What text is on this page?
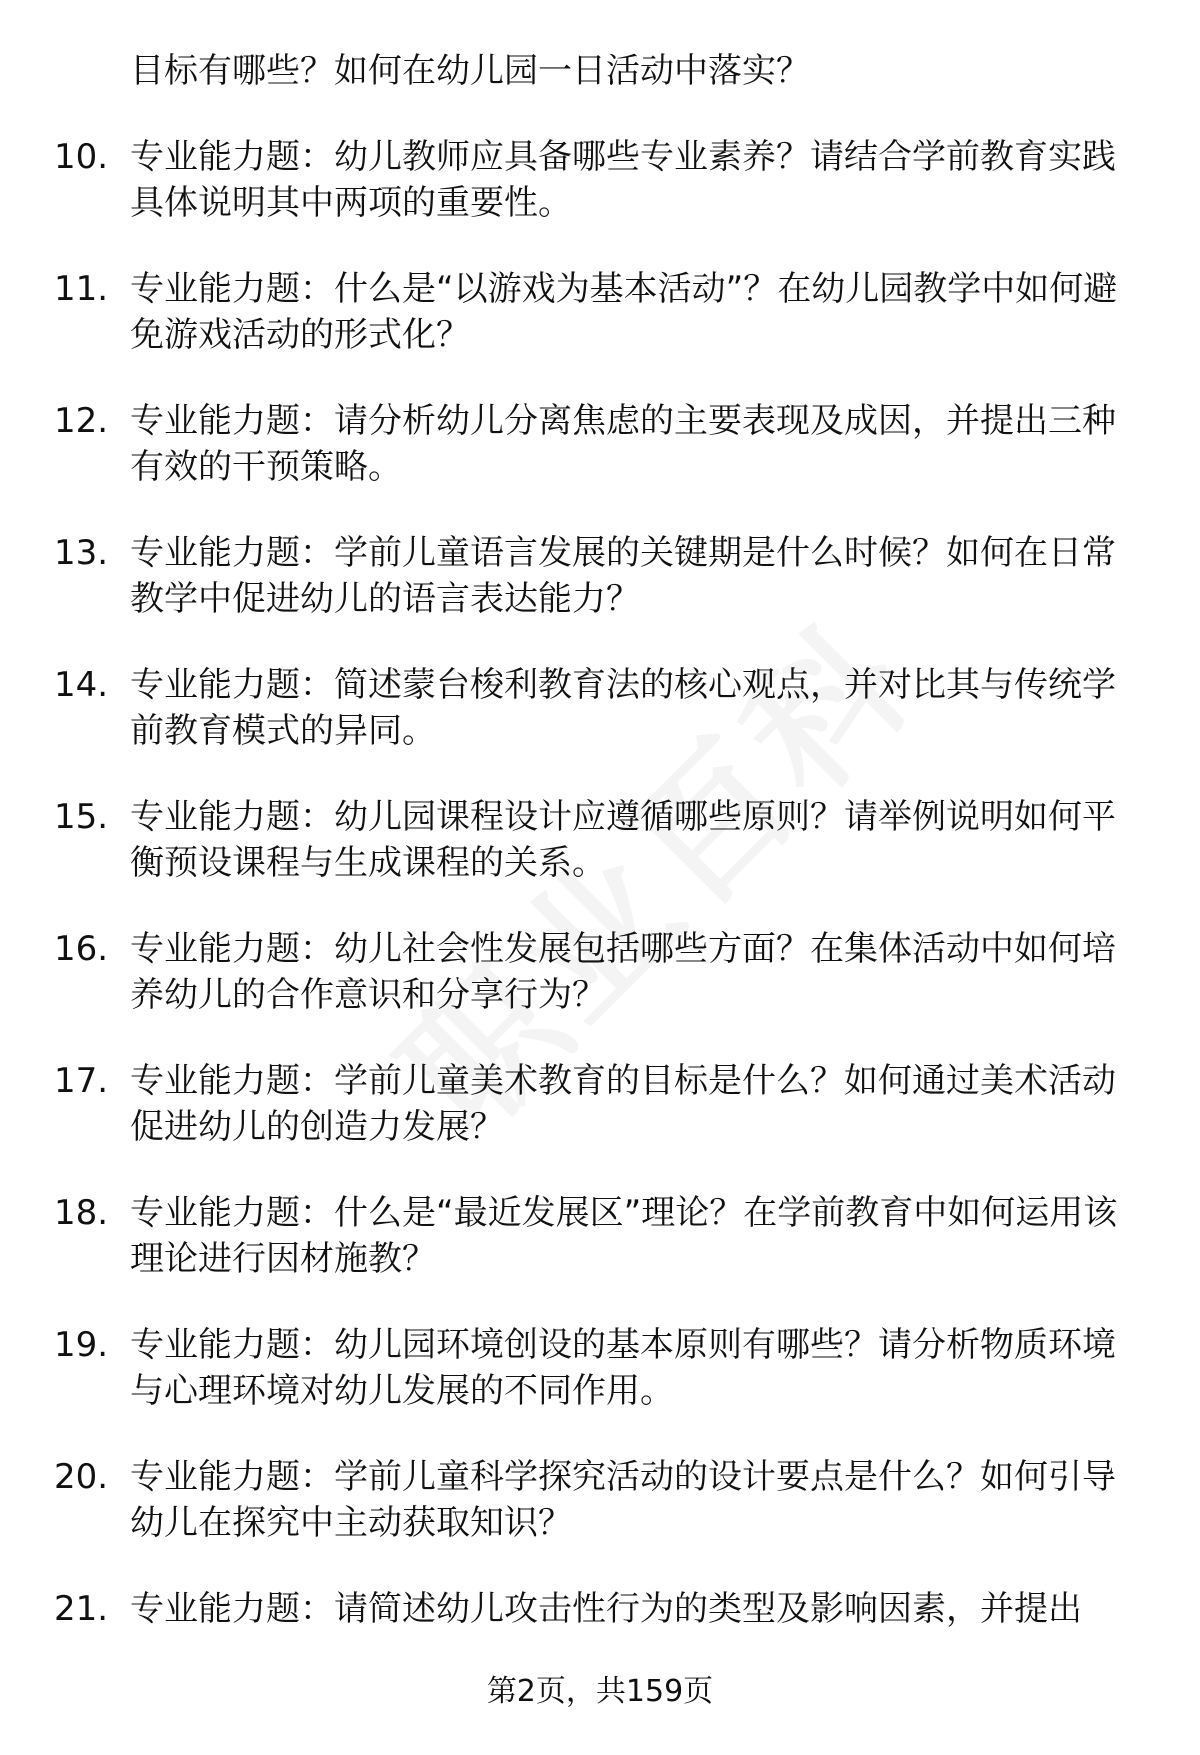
目标有哪些？如何在幼儿园一日活动中落实？
10. 专业能力题：幼儿教师应具备哪些专业素养？请结合学前教育实践具体说明其中两项的重要性。
11. 专业能力题：什么是“以游戏为基本活动”？在幼儿园教学中如何避免游戏活动的形式化？
12. 专业能力题：请分析幼儿分离焦虑的主要表现及成因，并提出三种有效的干预策略。
13. 专业能力题：学前儿童语言发展的关键期是什么时候？如何在日常教学中促进幼儿的语言表达能力？
14. 专业能力题：简述蒙台梭利教育法的核心观点，并对比其与传统学前教育模式的异同。
15. 专业能力题：幼儿园课程设计应遵循哪些原则？请举例说明如何平衡预设课程与生成课程的关系。
16. 专业能力题：幼儿社会性发展包括哪些方面？在集体活动中如何培养幼儿的合作意识和分享行为？
17. 专业能力题：学前儿童美术教育的目标是什么？如何通过美术活动促进幼儿的创造力发展？
18. 专业能力题：什么是“最近发展区”理论？在学前教育中如何运用该理论进行因材施教？
19. 专业能力题：幼儿园环境创设的基本原则有哪些？请分析物质环境与心理环境对幼儿发展的不同作用。
20. 专业能力题：学前儿童科学探究活动的设计要点是什么？如何引导幼儿在探究中主动获取知识？
21. 专业能力题：请简述幼儿攻击性行为的类型及影响因素，并提出
第2页，共159页
